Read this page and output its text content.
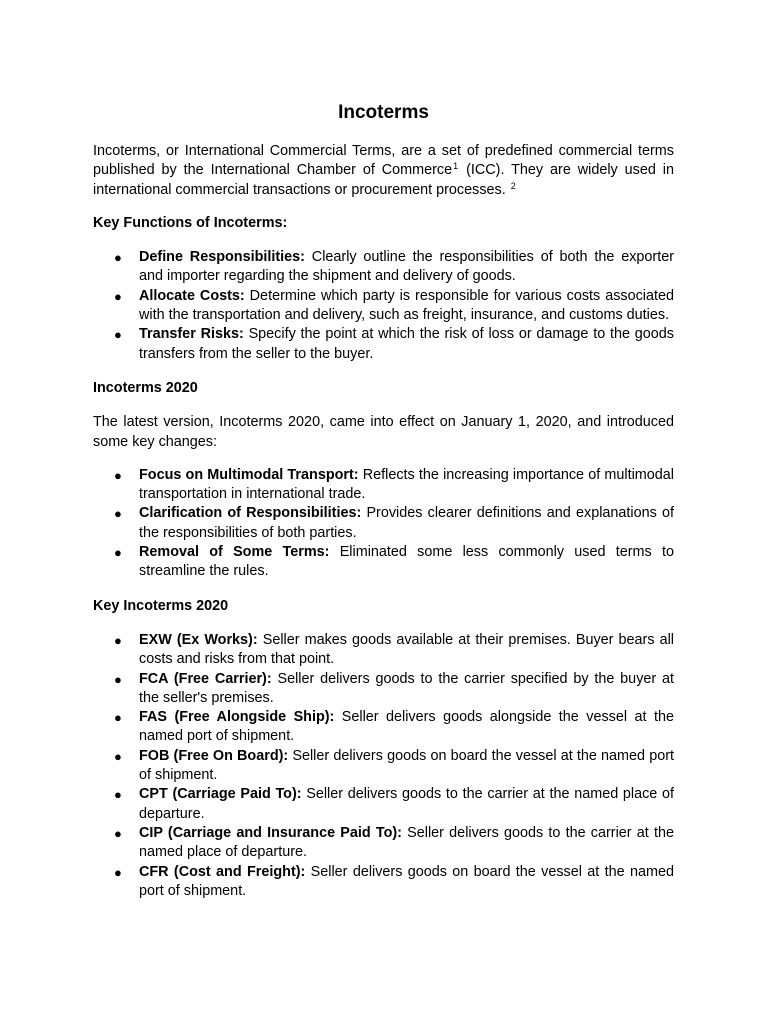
Incoterms

Incoterms, or International Commercial Terms, are a set of predefined commercial terms published by the International Chamber of Commerce$^1$ (ICC). They are widely used in international commercial transactions or procurement processes. $^2$

Key Functions of Incoterms:

● Define Responsibilities: Clearly outline the responsibilities of both the exporter and importer regarding the shipment and delivery of goods.
● Allocate Costs: Determine which party is responsible for various costs associated with the transportation and delivery, such as freight, insurance, and customs duties.
● Transfer Risks: Specify the point at which the risk of loss or damage to the goods transfers from the seller to the buyer.

Incoterms 2020

The latest version, Incoterms 2020, came into effect on January 1, 2020, and introduced some key changes:

● Focus on Multimodal Transport: Reflects the increasing importance of multimodal transportation in international trade.
● Clarification of Responsibilities: Provides clearer definitions and explanations of the responsibilities of both parties.
● Removal of Some Terms: Eliminated some less commonly used terms to streamline the rules.

Key Incoterms 2020

● EXW (Ex Works): Seller makes goods available at their premises. Buyer bears all costs and risks from that point.
● FCA (Free Carrier): Seller delivers goods to the carrier specified by the buyer at the seller's premises.
● FAS (Free Alongside Ship): Seller delivers goods alongside the vessel at the named port of shipment.
● FOB (Free On Board): Seller delivers goods on board the vessel at the named port of shipment.
● CPT (Carriage Paid To): Seller delivers goods to the carrier at the named place of departure.
● CIP (Carriage and Insurance Paid To): Seller delivers goods to the carrier at the named place of departure.
● CFR (Cost and Freight): Seller delivers goods on board the vessel at the named port of shipment.
